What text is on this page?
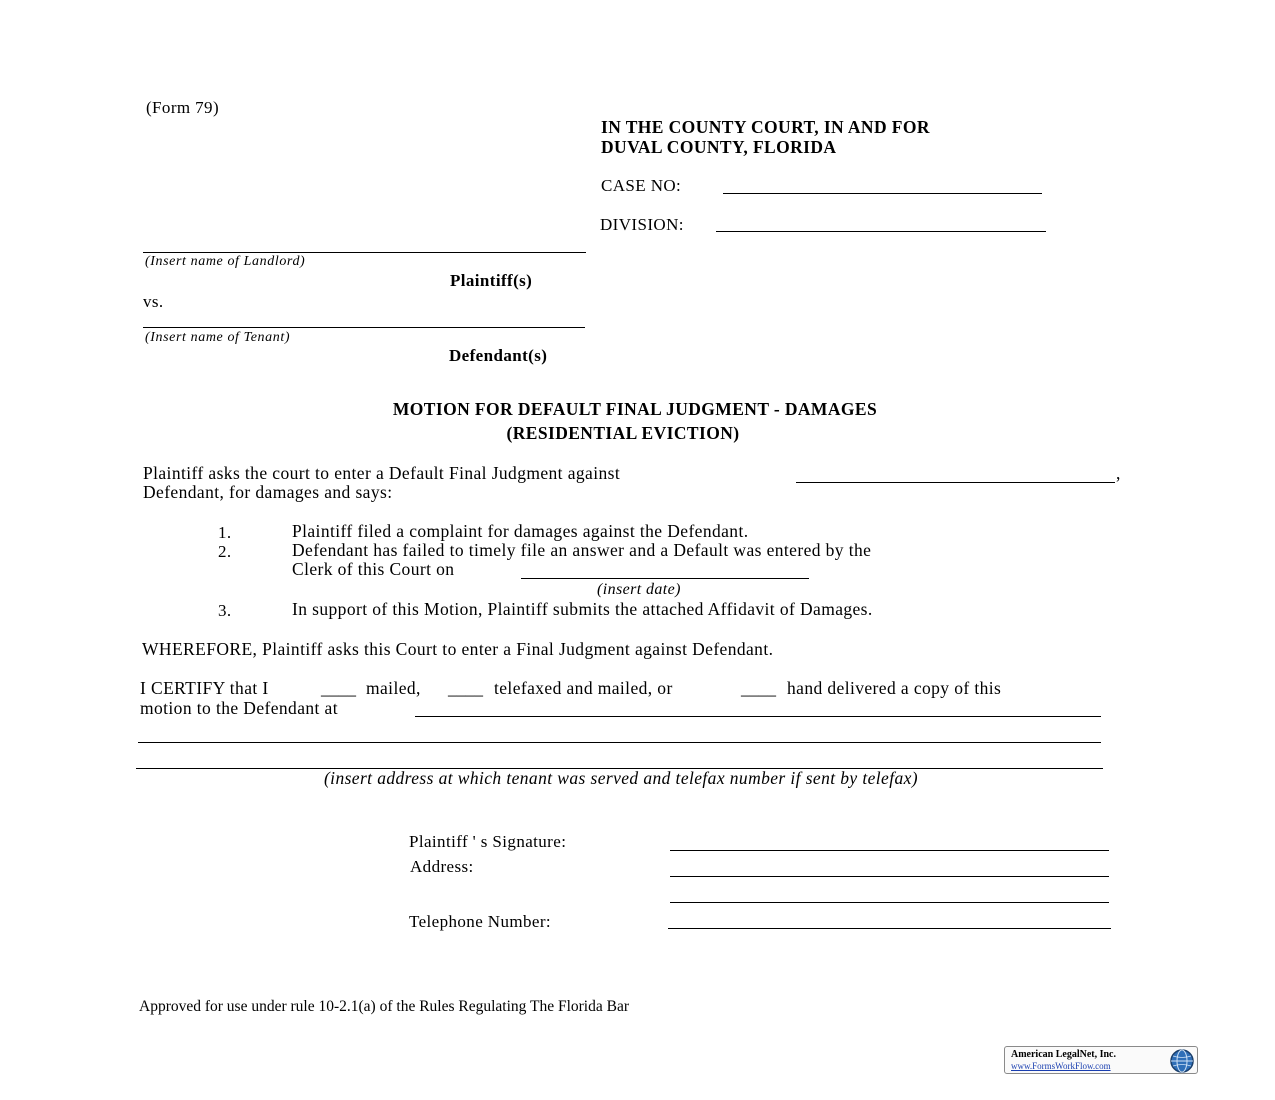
(Form 79)
IN THE COUNTY COURT, IN AND FOR
DUVAL COUNTY, FLORIDA
CASE NO:
DIVISION:
(Insert name of Landlord)
Plaintiff(s)
vs.
(Insert name of Tenant)
Defendant(s)
MOTION FOR DEFAULT FINAL JUDGMENT - DAMAGES
(RESIDENTIAL EVICTION)
Plaintiff asks the court to enter a Default Final Judgment against	,
Defendant, for damages and says:
1.	Plaintiff filed a complaint for damages against the Defendant.
2.	Defendant has failed to timely file an answer and a Default was entered by the
Clerk of this Court on
(insert date)
3.	In support of this Motion, Plaintiff submits the attached Affidavit of Damages.
WHEREFORE, Plaintiff asks this Court to enter a Final Judgment against Defendant.
I CERTIFY that I	____ mailed, ____ telefaxed and mailed, or	____ hand delivered a copy of this
motion to the Defendant at
(insert address at which tenant was served and telefax number if sent by telefax)
Plaintiff ' s Signature:
Address:
Telephone Number:
Approved for use under rule 10-2.1(a) of the Rules Regulating The Florida Bar
American LegalNet, Inc.
www.FormsWorkFlow.com
